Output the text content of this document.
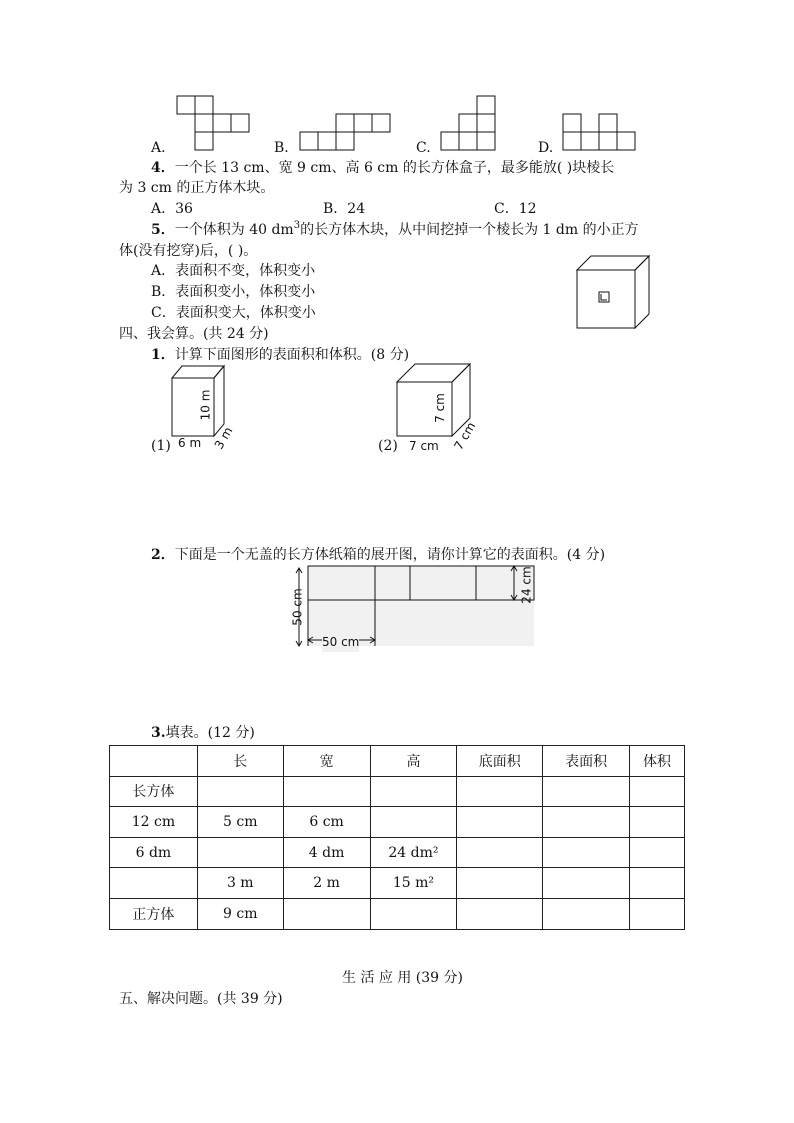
A.	B.	C.	D.
4．一个长 13 cm、宽 9 cm、高 6 cm 的长方体盒子，最多能放( )块棱长
为 3 cm 的正方体木块。
A．36	B．24	C．12
5．一个体积为 40 $dm^3$的长方体木块，从中间挖掉一个棱长为 1 dm 的小正方
体(没有挖穿)后，( )。
A．表面积不变，体积变小
B．表面积变小，体积变小
C．表面积变大，体积变小
四、我会算。(共 24 分)
1．计算下面图形的表面积和体积。(8 分)
10 m
(1) 6 m 3 m
7 cm
(2) 7 cm 7 cm
2．下面是一个无盖的长方体纸箱的展开图，请你计算它的表面积。(4 分)
50 cm
50 cm
24 cm
3.填表。(12 分)
	长	宽	高	底面积	表面积	体积
长方体						
12 cm	5 cm	6 cm				
6 dm		4 dm	24 dm²			
	3 m	2 m	15 m²			
正方体	9 cm					
生 活 应 用 (39 分)
五、解决问题。(共 39 分)
